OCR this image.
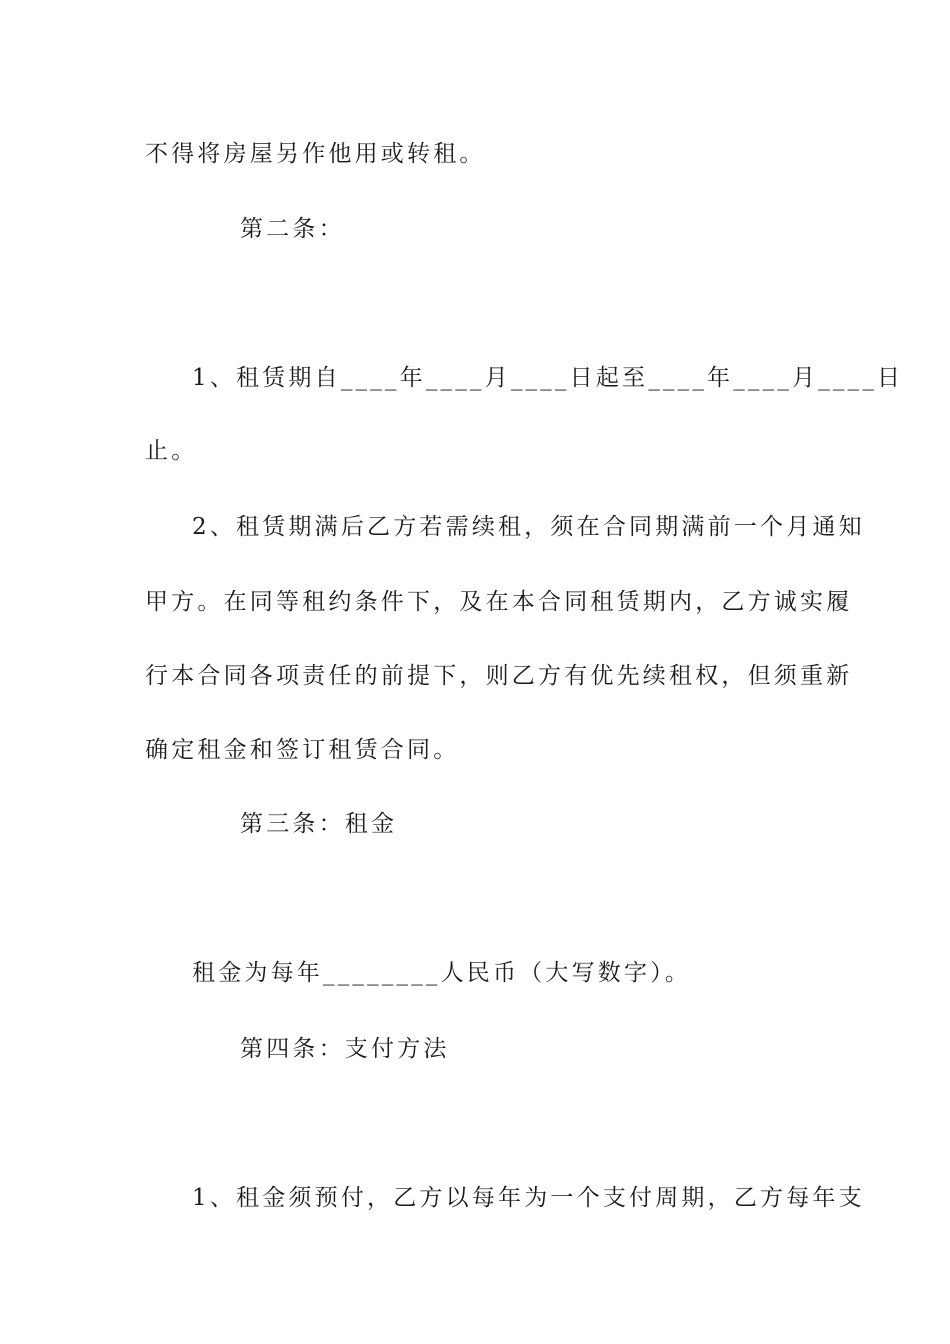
不得将房屋另作他用或转租。
第二条：
1、租赁期自____年____月____日起至____年____月____日
止。
2、租赁期满后乙方若需续租，须在合同期满前一个月通知
甲方。在同等租约条件下，及在本合同租赁期内，乙方诚实履
行本合同各项责任的前提下，则乙方有优先续租权，但须重新
确定租金和签订租赁合同。
第三条：租金
租金为每年________人民币（大写数字）。
第四条：支付方法
1、租金须预付，乙方以每年为一个支付周期，乙方每年支
